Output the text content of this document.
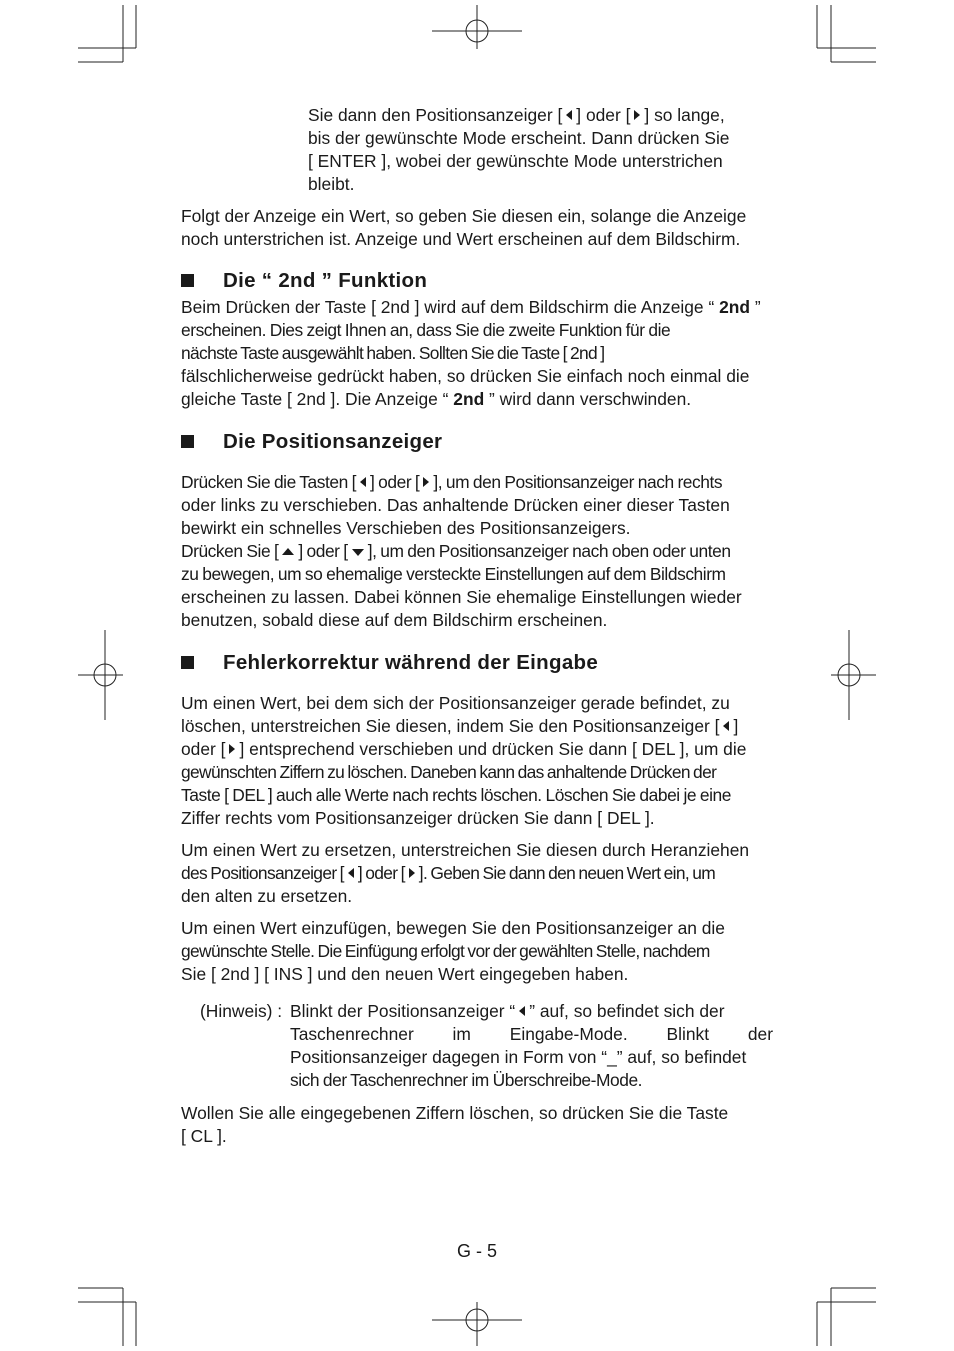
Sie dann den Positionsanzeiger [ ] oder [ ] so lange,
bis der gewünschte Mode erscheint. Dann drücken Sie
[ ENTER ], wobei der gewünschte Mode unterstrichen
bleibt.
Folgt der Anzeige ein Wert, so geben Sie diesen ein, solange die Anzeige
noch unterstrichen ist. Anzeige und Wert erscheinen auf dem Bildschirm.
Die “ 2nd ” Funktion
Beim Drücken der Taste [ 2nd ] wird auf dem Bildschirm die Anzeige “ 2nd ”
erscheinen. Dies zeigt Ihnen an, dass Sie die zweite Funktion für die
nächste Taste ausgewählt haben. Sollten Sie die Taste [ 2nd ]
fälschlicherweise gedrückt haben, so drücken Sie einfach noch einmal die
gleiche Taste [ 2nd ]. Die Anzeige “ 2nd ” wird dann verschwinden.
Die Positionsanzeiger
Drücken Sie die Tasten [ ] oder [ ], um den Positionsanzeiger nach rechts
oder links zu verschieben. Das anhaltende Drücken einer dieser Tasten
bewirkt ein schnelles Verschieben des Positionsanzeigers.
Drücken Sie [ ] oder [ ], um den Positionsanzeiger nach oben oder unten
zu bewegen, um so ehemalige versteckte Einstellungen auf dem Bildschirm
erscheinen zu lassen. Dabei können Sie ehemalige Einstellungen wieder
benutzen, sobald diese auf dem Bildschirm erscheinen.
Fehlerkorrektur während der Eingabe
Um einen Wert, bei dem sich der Positionsanzeiger gerade befindet, zu
löschen, unterstreichen Sie diesen, indem Sie den Positionsanzeiger [ ]
oder [ ] entsprechend verschieben und drücken Sie dann [ DEL ], um die
gewünschten Ziffern zu löschen. Daneben kann das anhaltende Drücken der
Taste [ DEL ] auch alle Werte nach rechts löschen. Löschen Sie dabei je eine
Ziffer rechts vom Positionsanzeiger drücken Sie dann [ DEL ].
Um einen Wert zu ersetzen, unterstreichen Sie diesen durch Heranziehen
des Positionsanzeiger [ ] oder [ ]. Geben Sie dann den neuen Wert ein, um
den alten zu ersetzen.
Um einen Wert einzufügen, bewegen Sie den Positionsanzeiger an die
gewünschte Stelle. Die Einfügung erfolgt vor der gewählten Stelle, nachdem
Sie [ 2nd ] [ INS ] und den neuen Wert eingegeben haben.
(Hinweis) : Blinkt der Positionsanzeiger “ ” auf, so befindet sich der
Taschenrechner im Eingabe-Mode. Blinkt der
Positionsanzeiger dagegen in Form von “_” auf, so befindet
sich der Taschenrechner im Überschreibe-Mode.
Wollen Sie alle eingegebenen Ziffern löschen, so drücken Sie die Taste
[ CL ].
G - 5
